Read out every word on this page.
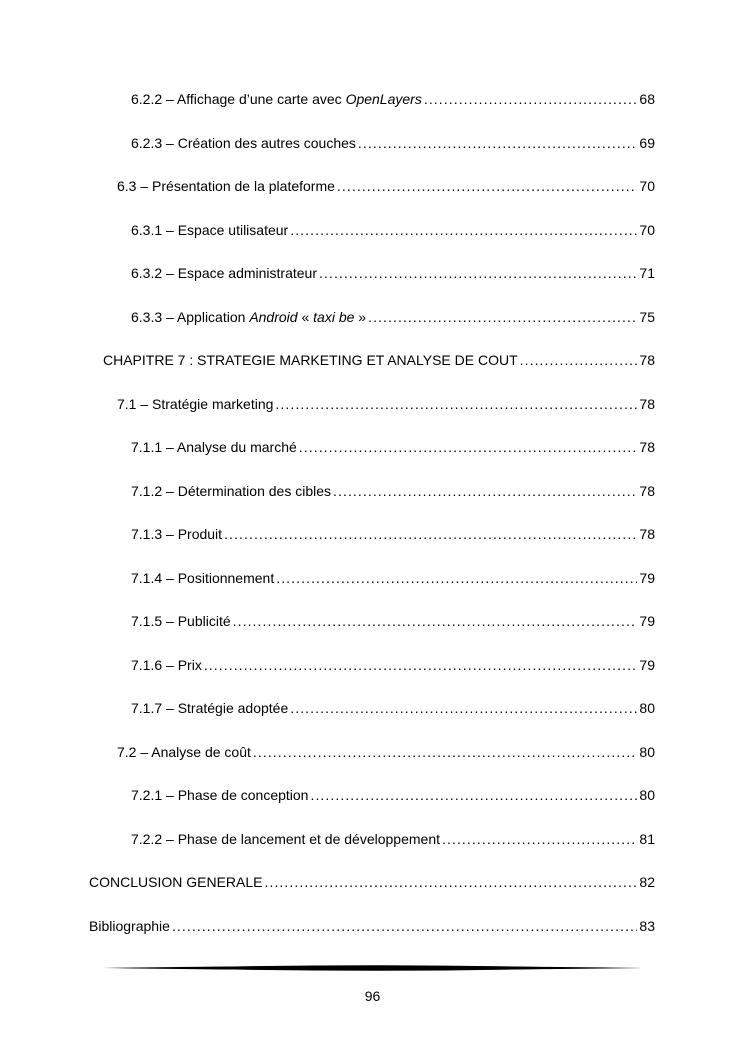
6.2.2 – Affichage d’une carte avec OpenLayers . . .	68
6.2.3 – Création des autres couches . . .	69
6.3 – Présentation de la plateforme . . .	70
6.3.1 – Espace utilisateur . . .	70
6.3.2 – Espace administrateur . . .	71
6.3.3 – Application Android « taxi be » . . .	75
CHAPITRE 7 : STRATEGIE MARKETING ET ANALYSE DE COUT . . .	78
7.1 – Stratégie marketing . . .	78
7.1.1 – Analyse du marché . . .	78
7.1.2 – Détermination des cibles . . .	78
7.1.3 – Produit . . .	78
7.1.4 – Positionnement . . .	79
7.1.5 – Publicité . . .	79
7.1.6 – Prix . . .	79
7.1.7 – Stratégie adoptée . . .	80
7.2 – Analyse de coût . . .	80
7.2.1 – Phase de conception . . .	80
7.2.2 – Phase de lancement et de développement . . .	81
CONCLUSION GENERALE . . .	82
Bibliographie . . .	83
96
